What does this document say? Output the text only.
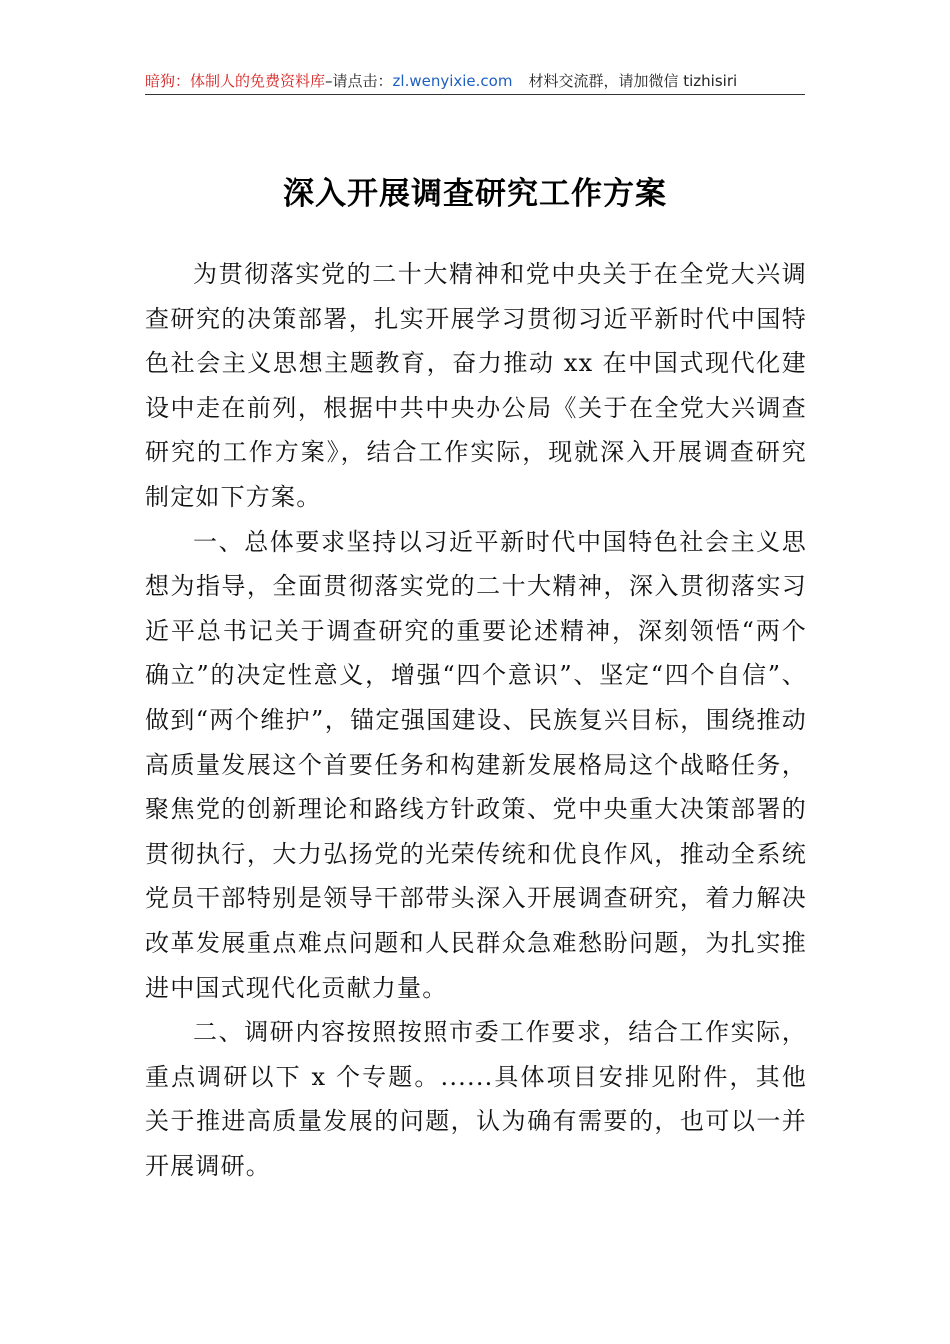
暗狗：体制人的免费资料库–请点击：zl.wenyixie.com 材料交流群，请加微信 tizhisiri
深入开展调查研究工作方案

为贯彻落实党的二十大精神和党中央关于在全党大兴调查研究的决策部署，扎实开展学习贯彻习近平新时代中国特色社会主义思想主题教育，奋力推动 xx 在中国式现代化建设中走在前列，根据中共中央办公局《关于在全党大兴调查研究的工作方案》，结合工作实际，现就深入开展调查研究制定如下方案。

一、总体要求坚持以习近平新时代中国特色社会主义思想为指导，全面贯彻落实党的二十大精神，深入贯彻落实习近平总书记关于调查研究的重要论述精神，深刻领悟“两个确立”的决定性意义，增强“四个意识”、坚定“四个自信”、做到“两个维护”，锚定强国建设、民族复兴目标，围绕推动高质量发展这个首要任务和构建新发展格局这个战略任务，聚焦党的创新理论和路线方针政策、党中央重大决策部署的贯彻执行，大力弘扬党的光荣传统和优良作风，推动全系统党员干部特别是领导干部带头深入开展调查研究，着力解决改革发展重点难点问题和人民群众急难愁盼问题，为扎实推进中国式现代化贡献力量。

二、调研内容按照按照市委工作要求，结合工作实际，重点调研以下 x 个专题。......具体项目安排见附件，其他关于推进高质量发展的问题，认为确有需要的，也可以一并开展调研。
